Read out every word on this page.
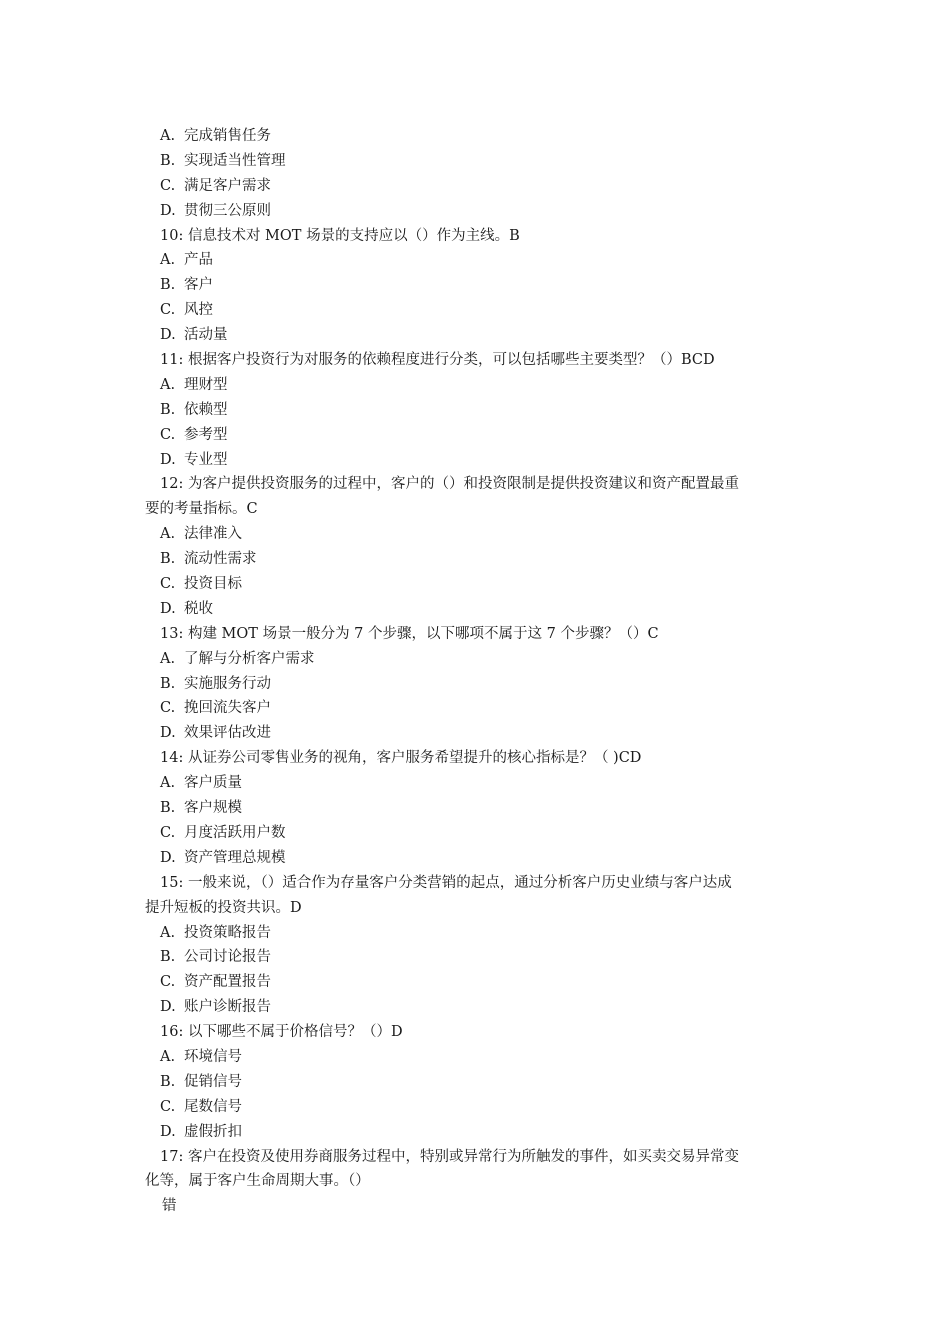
A. 完成销售任务
B. 实现适当性管理
C. 满足客户需求
D. 贯彻三公原则
10: 信息技术对 MOT 场景的支持应以（）作为主线。B
A. 产品
B. 客户
C. 风控
D. 活动量
11: 根据客户投资行为对服务的依赖程度进行分类，可以包括哪些主要类型？（）BCD
A. 理财型
B. 依赖型
C. 参考型
D. 专业型
12: 为客户提供投资服务的过程中，客户的（）和投资限制是提供投资建议和资产配置最重
要的考量指标。C
A. 法律准入
B. 流动性需求
C. 投资目标
D. 税收
13: 构建 MOT 场景一般分为 7 个步骤，以下哪项不属于这 7 个步骤？（）C
A. 了解与分析客户需求
B. 实施服务行动
C. 挽回流失客户
D. 效果评估改进
14: 从证券公司零售业务的视角，客户服务希望提升的核心指标是？（ )CD
A. 客户质量
B. 客户规模
C. 月度活跃用户数
D. 资产管理总规模
15: 一般来说，（）适合作为存量客户分类营销的起点，通过分析客户历史业绩与客户达成
提升短板的投资共识。D
A. 投资策略报告
B. 公司讨论报告
C. 资产配置报告
D. 账户诊断报告
16: 以下哪些不属于价格信号？（）D
A. 环境信号
B. 促销信号
C. 尾数信号
D. 虚假折扣
17: 客户在投资及使用券商服务过程中，特别或异常行为所触发的事件，如买卖交易异常变
化等，属于客户生命周期大事。（）
错
